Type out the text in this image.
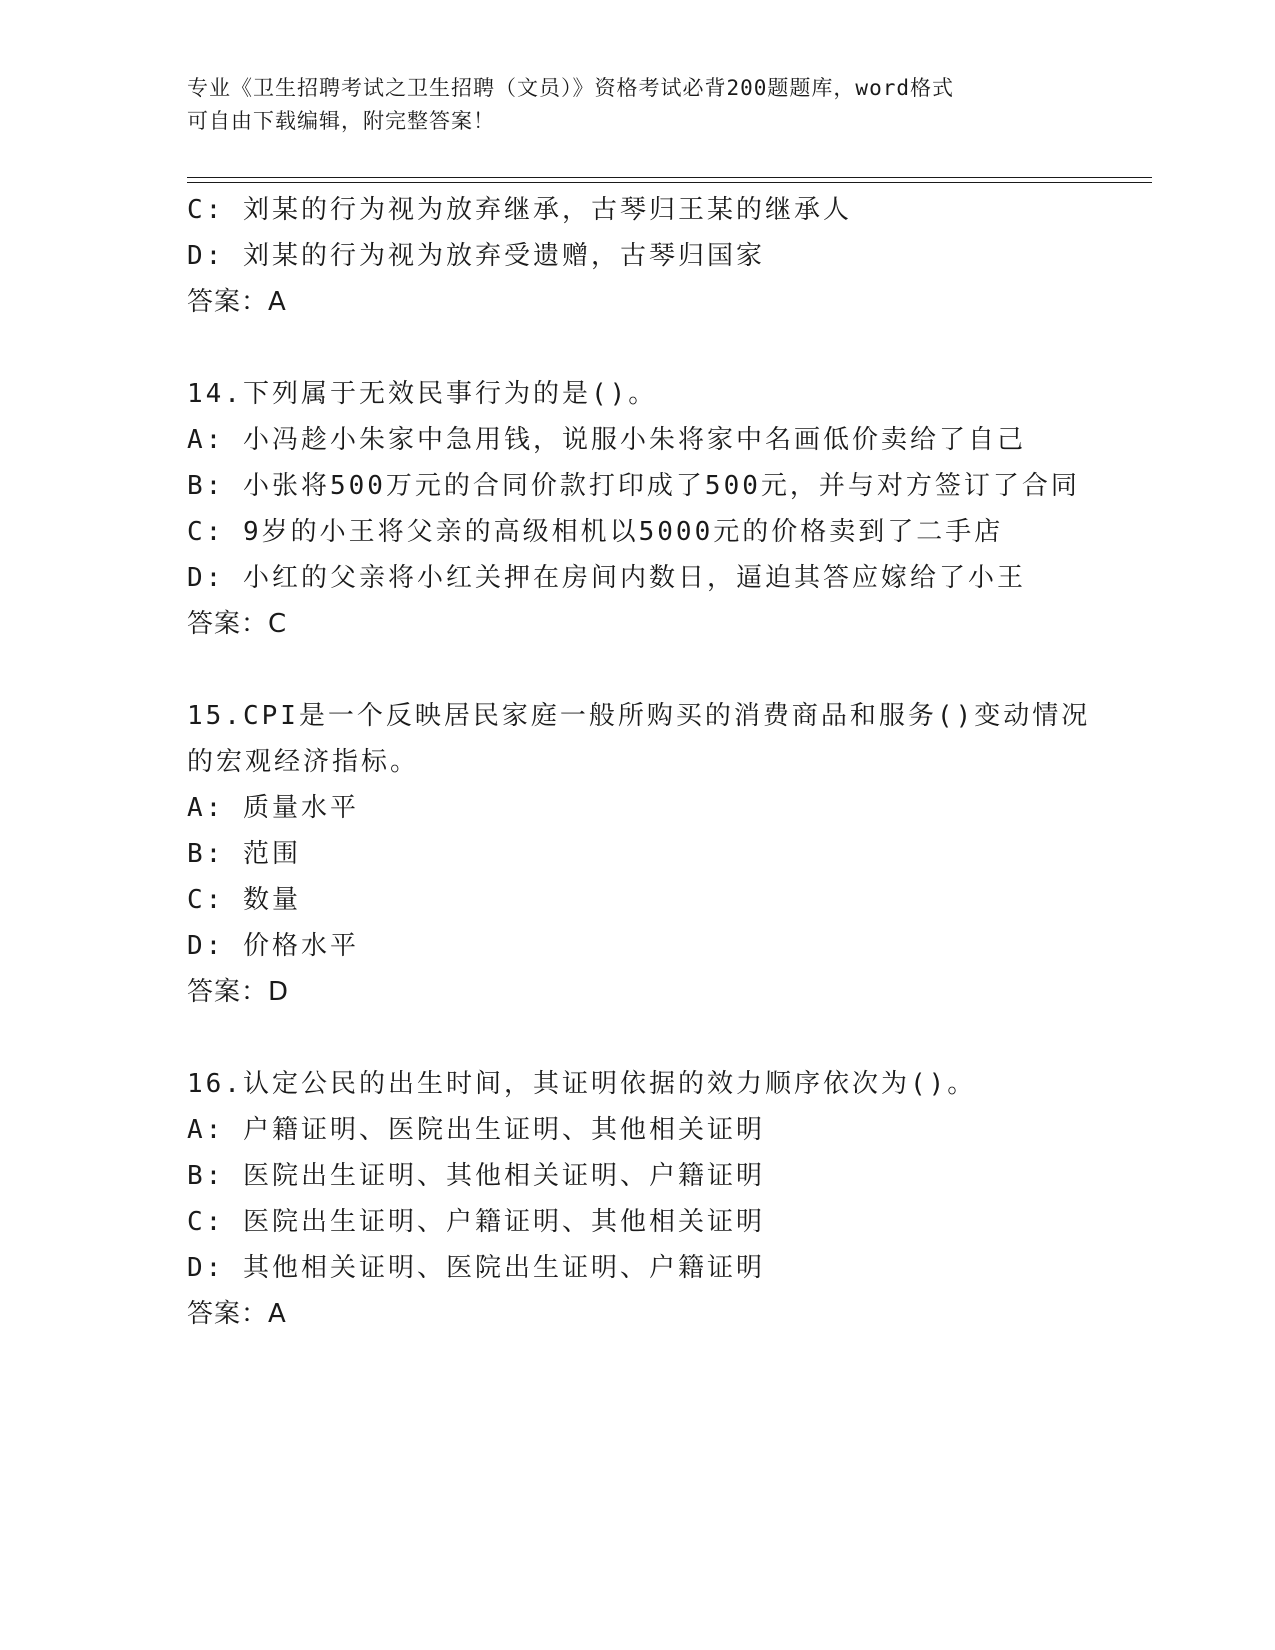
专业《卫生招聘考试之卫生招聘（文员）》资格考试必背200题题库，word格式
可自由下载编辑，附完整答案！
C: 刘某的行为视为放弃继承，古琴归王某的继承人
D: 刘某的行为视为放弃受遗赠，古琴归国家
答案：A
14.下列属于无效民事行为的是()。
A: 小冯趁小朱家中急用钱，说服小朱将家中名画低价卖给了自己
B: 小张将500万元的合同价款打印成了500元，并与对方签订了合同
C: 9岁的小王将父亲的高级相机以5000元的价格卖到了二手店
D: 小红的父亲将小红关押在房间内数日，逼迫其答应嫁给了小王
答案：C
15.CPI是一个反映居民家庭一般所购买的消费商品和服务()变动情况
的宏观经济指标。
A: 质量水平
B: 范围
C: 数量
D: 价格水平
答案：D
16.认定公民的出生时间，其证明依据的效力顺序依次为()。
A: 户籍证明、医院出生证明、其他相关证明
B: 医院出生证明、其他相关证明、户籍证明
C: 医院出生证明、户籍证明、其他相关证明
D: 其他相关证明、医院出生证明、户籍证明
答案：A
